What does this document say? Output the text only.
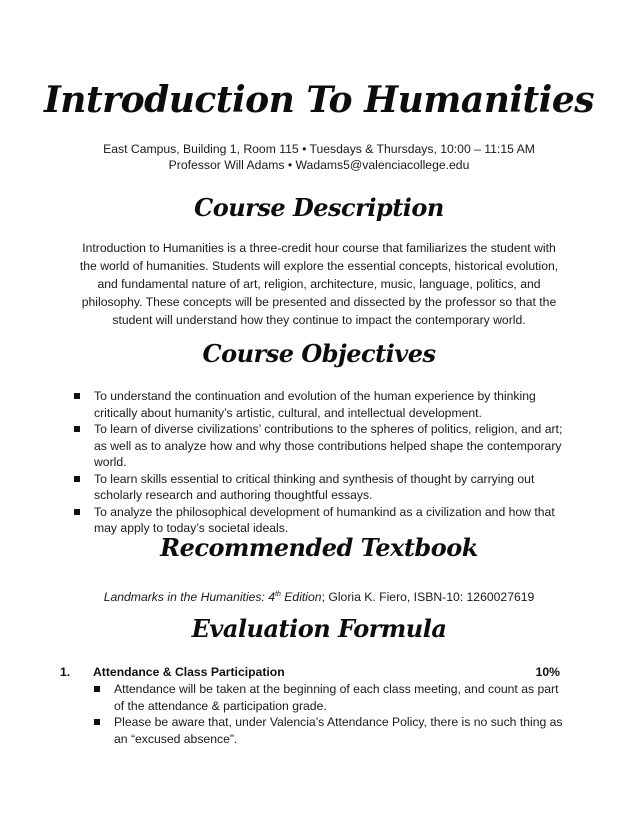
Introduction To Humanities
East Campus, Building 1, Room 115 • Tuesdays & Thursdays, 10:00 – 11:15 AM
Professor Will Adams • Wadams5@valenciacollege.edu
Course Description

Introduction to Humanities is a three-credit hour course that familiarizes the student with the world of humanities. Students will explore the essential concepts, historical evolution, and fundamental nature of art, religion, architecture, music, language, politics, and philosophy. These concepts will be presented and dissected by the professor so that the student will understand how they continue to impact the contemporary world.

Course Objectives
To understand the continuation and evolution of the human experience by thinking critically about humanity’s artistic, cultural, and intellectual development.
To learn of diverse civilizations’ contributions to the spheres of politics, religion, and art; as well as to analyze how and why those contributions helped shape the contemporary world.
To learn skills essential to critical thinking and synthesis of thought by carrying out scholarly research and authoring thoughtful essays.
To analyze the philosophical development of humankind as a civilization and how that may apply to today’s societal ideals.
Recommended Textbook
Landmarks in the Humanities: 4th Edition; Gloria K. Fiero, ISBN-10: 1260027619
Evaluation Formula
1. Attendance & Class Participation	10%
Attendance will be taken at the beginning of each class meeting, and count as part of the attendance & participation grade.
Please be aware that, under Valencia’s Attendance Policy, there is no such thing as an “excused absence”.
